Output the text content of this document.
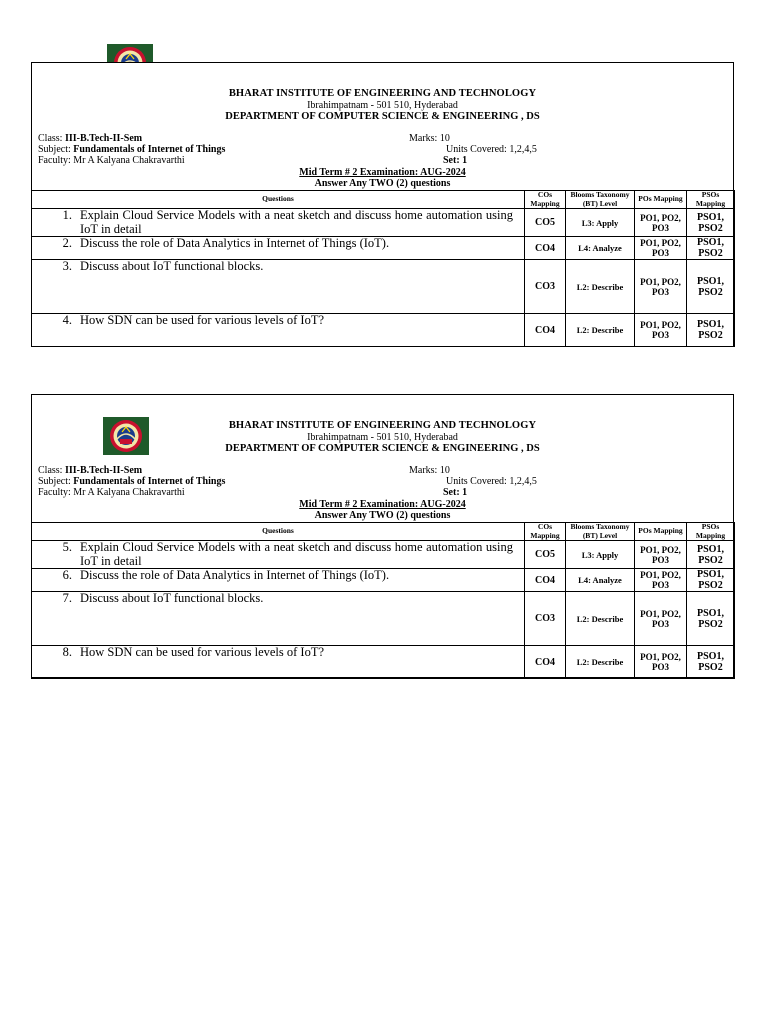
BHARAT INSTITUTE OF ENGINEERING AND TECHNOLOGY
Ibrahimpatnam - 501 510, Hyderabad
DEPARTMENT OF COMPUTER SCIENCE & ENGINEERING , DS
Class: III-B.Tech-II-Sem
Subject: Fundamentals of Internet of Things
Faculty: Mr A Kalyana Chakravarthi
Marks: 10
Units Covered: 1,2,4,5
Set: 1
Mid Term # 2 Examination: AUG-2024
Answer Any TWO (2) questions
Questions	COs Mapping	Blooms Taxonomy (BT) Level	POs Mapping	PSOs Mapping
1. Explain Cloud Service Models with a neat sketch and discuss home automation using IoT in detail	CO5	L3: Apply	PO1, PO2, PO3	PSO1, PSO2
2. Discuss the role of Data Analytics in Internet of Things (IoT).	CO4	L4: Analyze	PO1, PO2, PO3	PSO1, PSO2
3. Discuss about IoT functional blocks.	CO3	L2: Describe	PO1, PO2, PO3	PSO1, PSO2
4. How SDN can be used for various levels of IoT?	CO4	L2: Describe	PO1, PO2, PO3	PSO1, PSO2
BHARAT INSTITUTE OF ENGINEERING AND TECHNOLOGY
Ibrahimpatnam - 501 510, Hyderabad
DEPARTMENT OF COMPUTER SCIENCE & ENGINEERING , DS
Class: III-B.Tech-II-Sem
Subject: Fundamentals of Internet of Things
Faculty: Mr A Kalyana Chakravarthi
Marks: 10
Units Covered: 1,2,4,5
Set: 1
Mid Term # 2 Examination: AUG-2024
Answer Any TWO (2) questions
Questions	COs Mapping	Blooms Taxonomy (BT) Level	POs Mapping	PSOs Mapping
5. Explain Cloud Service Models with a neat sketch and discuss home automation using IoT in detail	CO5	L3: Apply	PO1, PO2, PO3	PSO1, PSO2
6. Discuss the role of Data Analytics in Internet of Things (IoT).	CO4	L4: Analyze	PO1, PO2, PO3	PSO1, PSO2
7. Discuss about IoT functional blocks.	CO3	L2: Describe	PO1, PO2, PO3	PSO1, PSO2
8. How SDN can be used for various levels of IoT?	CO4	L2: Describe	PO1, PO2, PO3	PSO1, PSO2
